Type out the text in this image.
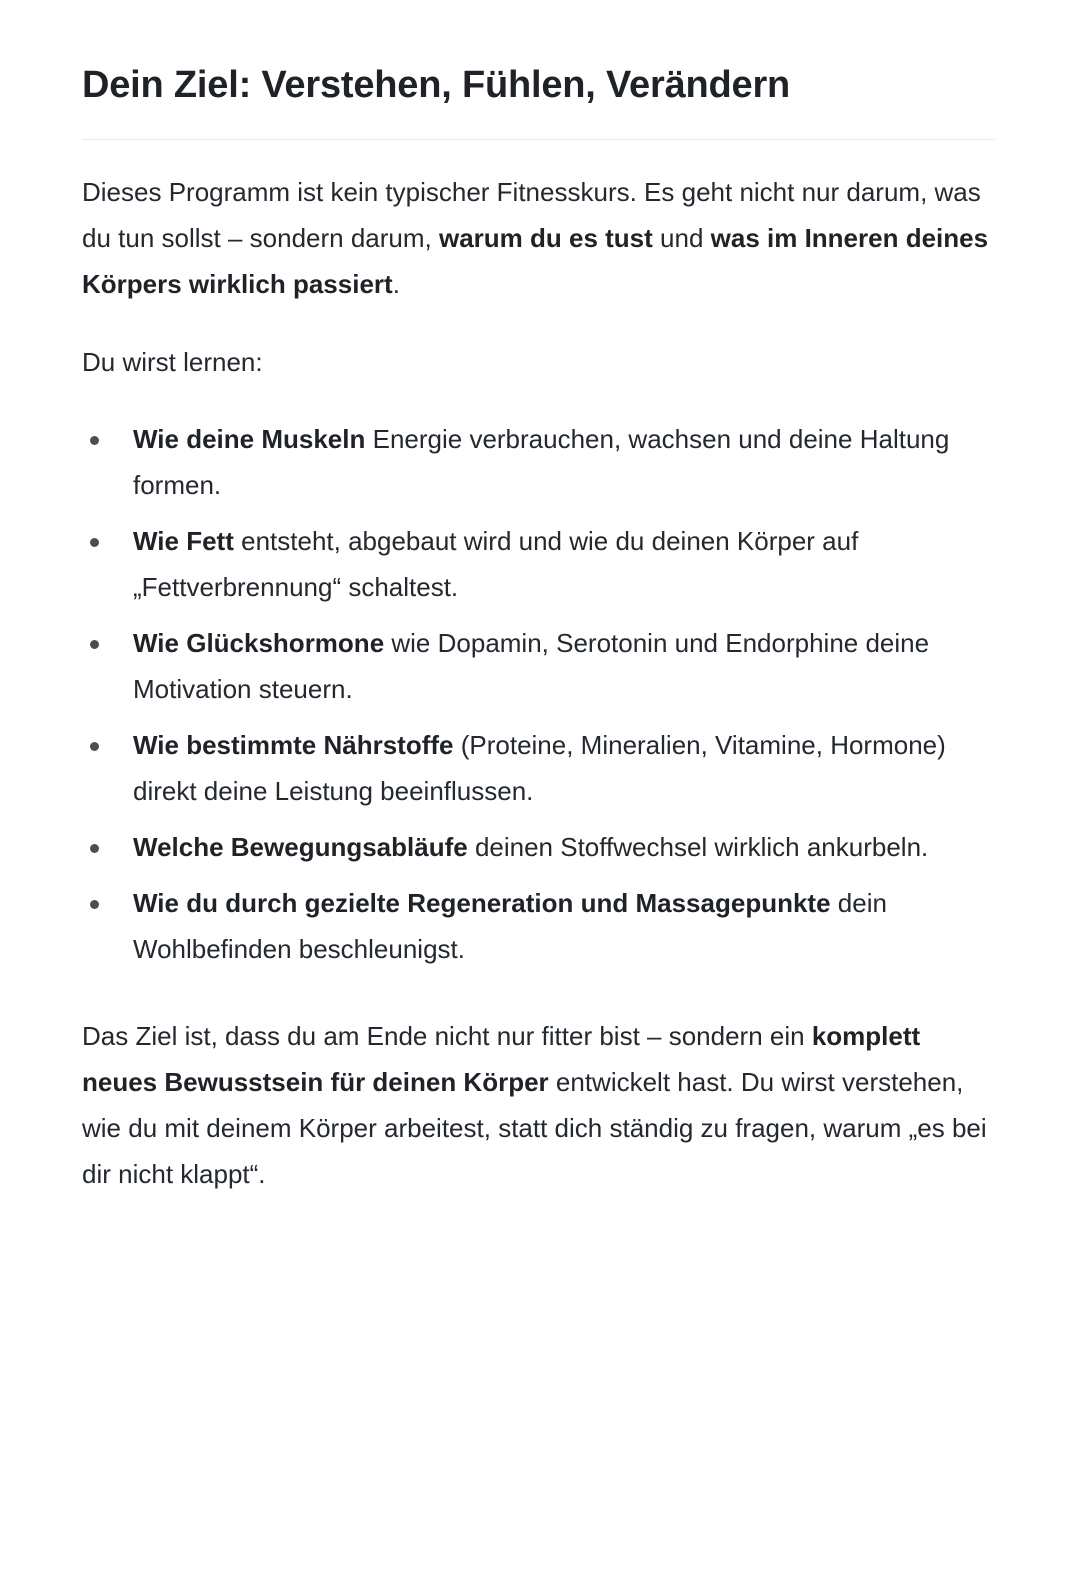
Dein Ziel: Verstehen, Fühlen, Verändern

Dieses Programm ist kein typischer Fitnesskurs. Es geht nicht nur darum, was du tun sollst – sondern darum, warum du es tust und was im Inneren deines Körpers wirklich passiert.

Du wirst lernen:

Wie deine Muskeln Energie verbrauchen, wachsen und deine Haltung formen.
Wie Fett entsteht, abgebaut wird und wie du deinen Körper auf „Fettverbrennung“ schaltest.
Wie Glückshormone wie Dopamin, Serotonin und Endorphine deine Motivation steuern.
Wie bestimmte Nährstoffe (Proteine, Mineralien, Vitamine, Hormone) direkt deine Leistung beeinflussen.
Welche Bewegungsabläufe deinen Stoffwechsel wirklich ankurbeln.
Wie du durch gezielte Regeneration und Massagepunkte dein Wohlbefinden beschleunigst.

Das Ziel ist, dass du am Ende nicht nur fitter bist – sondern ein komplett neues Bewusstsein für deinen Körper entwickelt hast. Du wirst verstehen, wie du mit deinem Körper arbeitest, statt dich ständig zu fragen, warum „es bei dir nicht klappt“.
